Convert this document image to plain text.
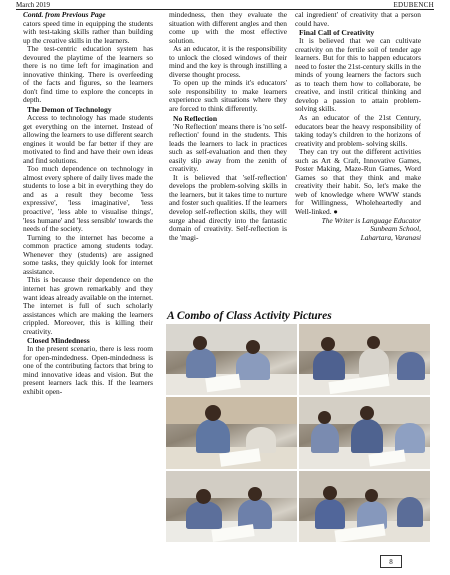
March 2019	EDUBENCH

Contd. from Previous Page

cators speed time in equipping the students with test-taking skills rather than building up the creative skills in the learners.

The test-centric education system has devoured the playtime of the learners so there is no time left for imagination and innovative thinking. There is overfeeding of the facts and figures, so the learners don't find time to explore the concepts in depth.

The Demon of Technology

Access to technology has made students get everything on the internet. Instead of allowing the learners to use different search engines it would be far better if they are motivated to find and have their own ideas and find solutions.

Too much dependence on technology in almost every sphere of daily lives made the students to lose a bit in everything they do and as a result they become 'less expressive', 'less imaginative', 'less proactive', 'less able to visualise things', 'less humane' and 'less sensible' towards the needs of the society.

Turning to the internet has become a common practice among students today. Whenever they (students) are assigned some tasks, they quickly look for internet assistance.

This is because their dependence on the internet has grown remarkably and they want ideas already available on the internet. The internet is full of such scholarly assistances which are making the learners crippled. Moreover, this is killing their creativity.

Closed Mindedness

In the present scenario, there is less room for open-mindedness. Open-mindedness is one of the contributing factors that bring to mind innovative ideas and vision. But the present learners lack this. If the learners exhibit open-

mindedness, then they evaluate the situation with different angles and then come up with the most effective solution.

As an educator, it is the responsibility to unlock the closed windows of their mind and the key is through instilling a diverse thought process.

To open up the minds it's educators' sole responsibility to make learners experience such situations where they are forced to think differently.

No Reflection

'No Reflection' means there is 'no self-reflection' found in the students. This leads the learners to lack in practices such as self-evaluation and then they easily slip away from the zenith of creativity.

It is believed that 'self-reflection' develops the problem-solving skills in the learners, but it takes time to nurture and foster such qualities. If the learners develop self-reflection skills, they will surge ahead directly into the fantastic domain of creativity. Self-reflection is the 'magi-

cal ingredient' of creativity that a person could have.

Final Call of Creativity

It is believed that we can cultivate creativity on the fertile soil of tender age learners. But for this to happen educators need to foster the 21st-century skills in the minds of young learners the factors such as to teach them how to collaborate, be creative, and instil critical thinking and develop a passion to attain problem-solving skills.

As an educator of the 21st Century, educators bear the heavy responsibility of taking today's children to the horizons of creativity and problem- solving skills.

They can try out the different activities such as Art & Craft, Innovative Games, Poster Making, Maze-Run Games, Word Games so that they think and make creativity their habit. So, let's make the web of knowledge where WWW stands for Willingness, Wholeheartedly and Well-linked. ●

The Writer is Language Educator

Sunbeam School,

Lahartara, Varanasi

A Combo of Class Activity Pictures
8
